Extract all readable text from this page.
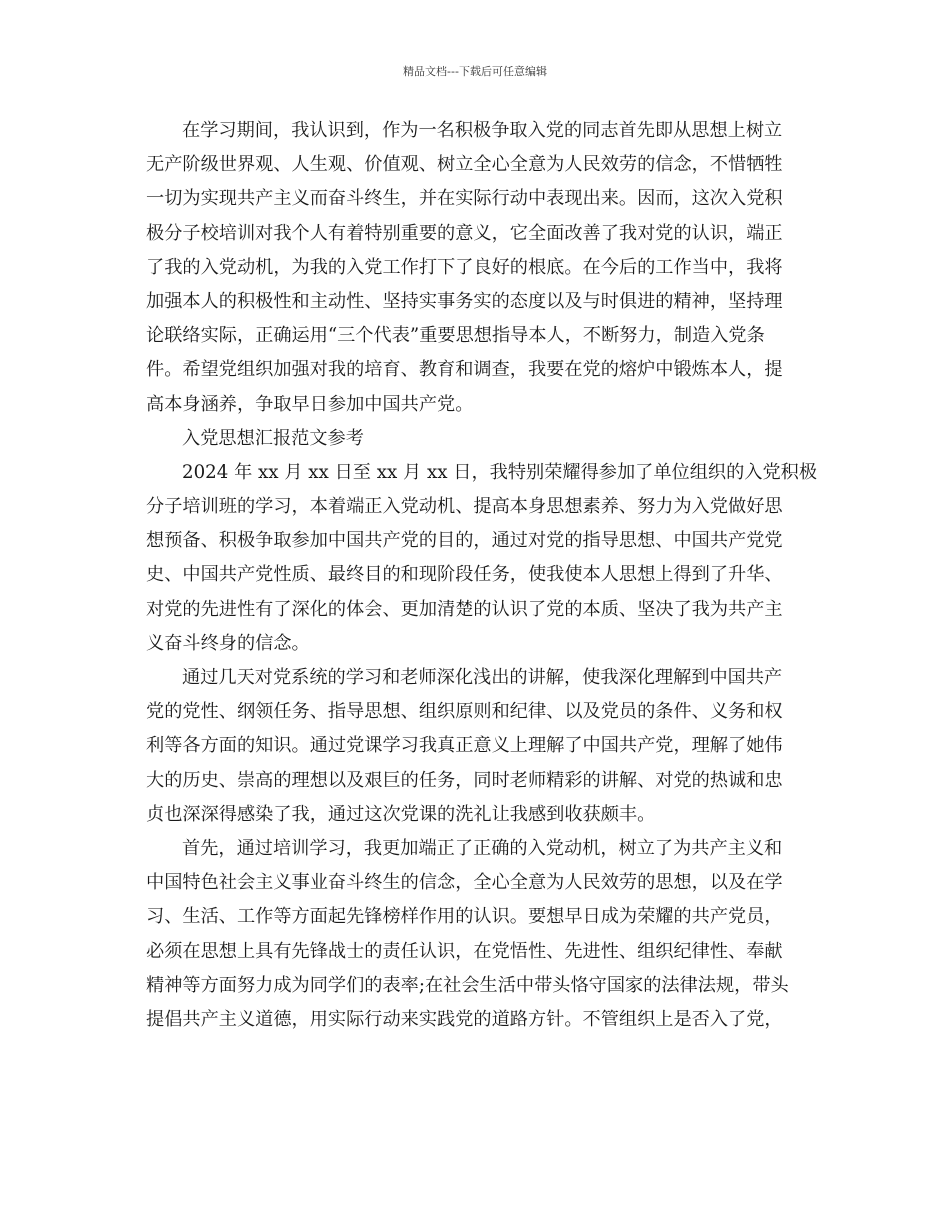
精品文档---下载后可任意编辑
在学习期间，我认识到，作为一名积极争取入党的同志首先即从思想上树立
无产阶级世界观、人生观、价值观、树立全心全意为人民效劳的信念，不惜牺牲
一切为实现共产主义而奋斗终生，并在实际行动中表现出来。因而，这次入党积
极分子校培训对我个人有着特别重要的意义，它全面改善了我对党的认识，端正
了我的入党动机，为我的入党工作打下了良好的根底。在今后的工作当中，我将
加强本人的积极性和主动性、坚持实事务实的态度以及与时俱进的精神，坚持理
论联络实际，正确运用“三个代表”重要思想指导本人，不断努力，制造入党条
件。希望党组织加强对我的培育、教育和调查，我要在党的熔炉中锻炼本人，提
高本身涵养，争取早日参加中国共产党。
入党思想汇报范文参考
2024 年 xx 月 xx 日至 xx 月 xx 日，我特别荣耀得参加了单位组织的入党积极
分子培训班的学习，本着端正入党动机、提高本身思想素养、努力为入党做好思
想预备、积极争取参加中国共产党的目的，通过对党的指导思想、中国共产党党
史、中国共产党性质、最终目的和现阶段任务，使我使本人思想上得到了升华、
对党的先进性有了深化的体会、更加清楚的认识了党的本质、坚决了我为共产主
义奋斗终身的信念。
通过几天对党系统的学习和老师深化浅出的讲解，使我深化理解到中国共产
党的党性、纲领任务、指导思想、组织原则和纪律、以及党员的条件、义务和权
利等各方面的知识。通过党课学习我真正意义上理解了中国共产党，理解了她伟
大的历史、崇高的理想以及艰巨的任务，同时老师精彩的讲解、对党的热诚和忠
贞也深深得感染了我，通过这次党课的洗礼让我感到收获颇丰。
首先，通过培训学习，我更加端正了正确的入党动机，树立了为共产主义和
中国特色社会主义事业奋斗终生的信念，全心全意为人民效劳的思想，以及在学
习、生活、工作等方面起先锋榜样作用的认识。要想早日成为荣耀的共产党员，
必须在思想上具有先锋战士的责任认识，在党悟性、先进性、组织纪律性、奉献
精神等方面努力成为同学们的表率;在社会生活中带头恪守国家的法律法规，带头
提倡共产主义道德，用实际行动来实践党的道路方针。不管组织上是否入了党，
